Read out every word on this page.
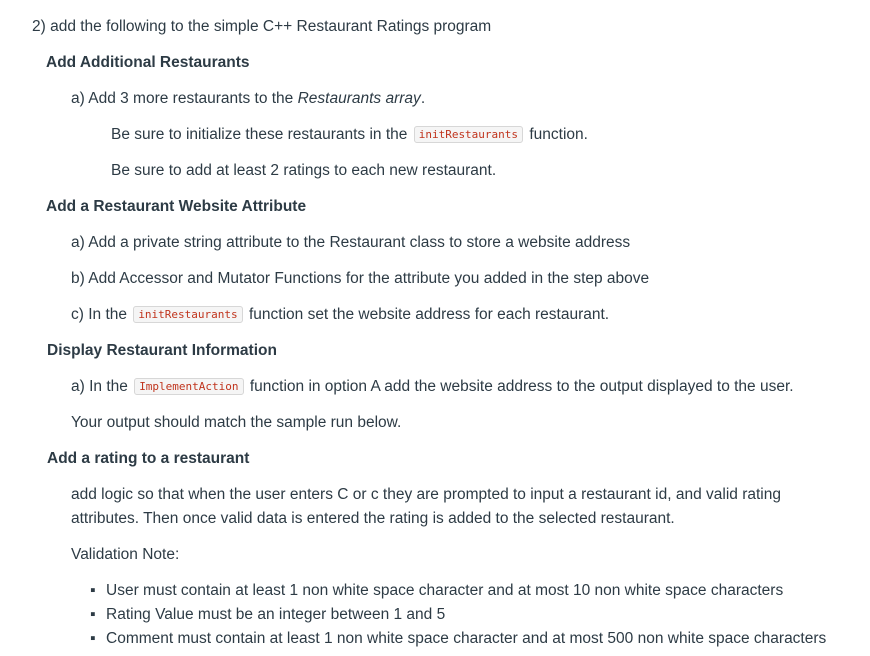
2) add the following to the simple C++ Restaurant Ratings program
Add Additional Restaurants
a) Add 3 more restaurants to the Restaurants array.
Be sure to initialize these restaurants in the initRestaurants function.
Be sure to add at least 2 ratings to each new restaurant.
Add a Restaurant Website Attribute
a) Add a private string attribute to the Restaurant class to store a website address
b) Add Accessor and Mutator Functions for the attribute you added in the step above
c) In the initRestaurants function set the website address for each restaurant.
Display Restaurant Information
a) In the ImplementAction function in option A add the website address to the output displayed to the user.
Your output should match the sample run below.
Add a rating to a restaurant
add logic so that when the user enters C or c they are prompted to input a restaurant id, and valid rating
attributes. Then once valid data is entered the rating is added to the selected restaurant.
Validation Note:
▪ User must contain at least 1 non white space character and at most 10 non white space characters
▪ Rating Value must be an integer between 1 and 5
▪ Comment must contain at least 1 non white space character and at most 500 non white space characters
